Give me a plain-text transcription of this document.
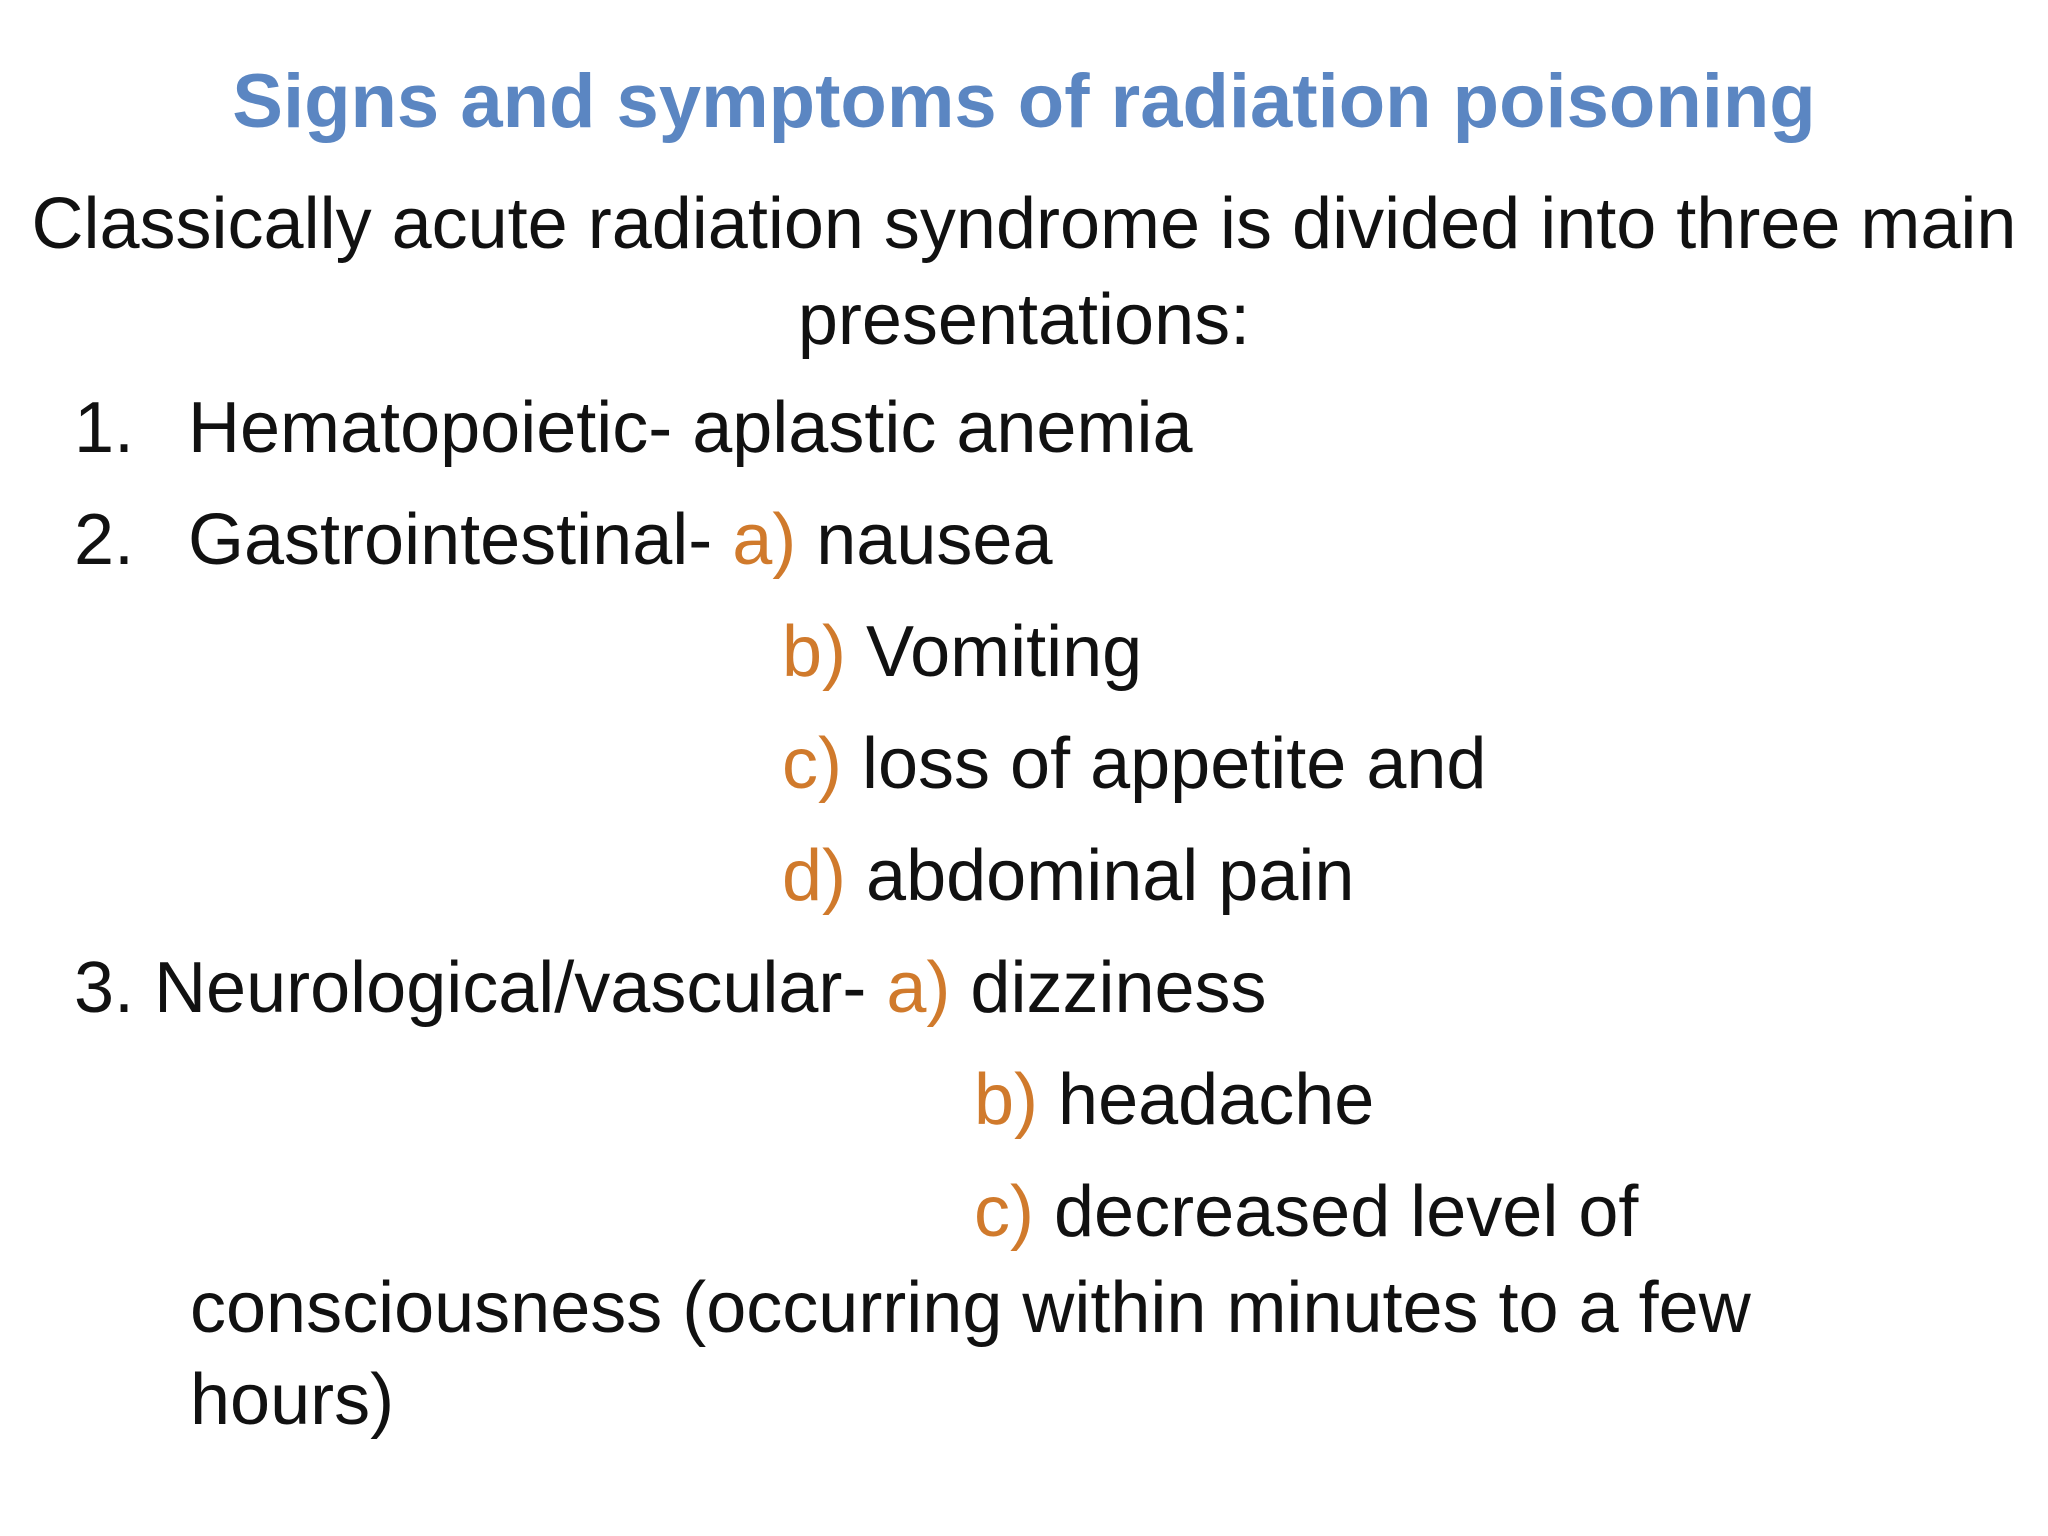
Signs and symptoms of radiation poisoning
Classically acute radiation syndrome is divided into three main presentations:
1. Hematopoietic- aplastic anemia
2. Gastrointestinal- a) nausea
b) Vomiting
c) loss of appetite and
d) abdominal pain
3. Neurological/vascular- a) dizziness
b) headache
c) decreased level of
consciousness (occurring within minutes to a few hours)
